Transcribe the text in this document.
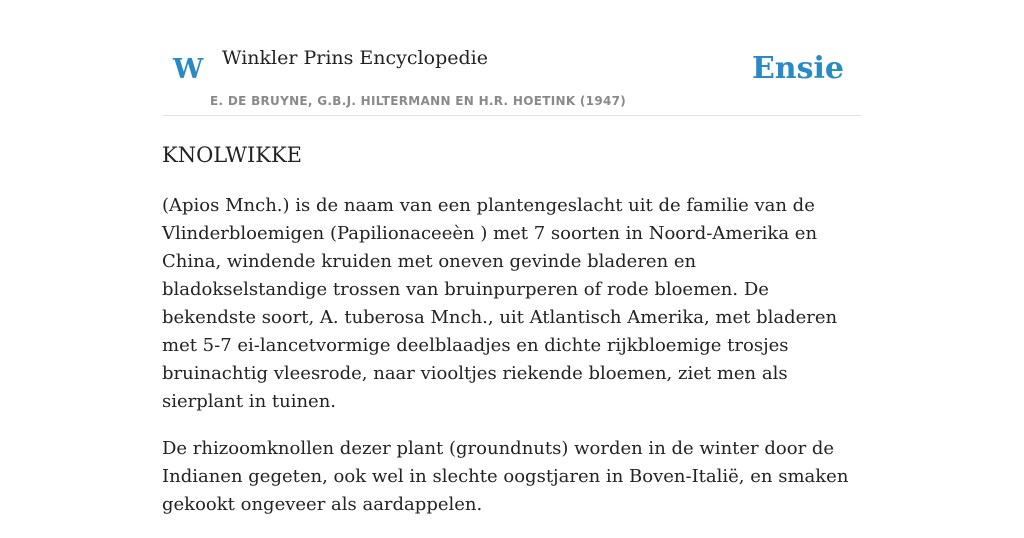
W Winkler Prins Encyclopedie
E. DE BRUYNE, G.B.J. HILTERMANN EN H.R. HOETINK (1947)
Ensie
KNOLWIKKE

(Apios Mnch.) is de naam van een plantengeslacht uit de familie van de Vlinderbloemigen (Papilionaceeèn ) met 7 soorten in Noord-Amerika en China, windende kruiden met oneven gevinde bladeren en bladokselstandige trossen van bruinpurperen of rode bloemen. De bekendste soort, A. tuberosa Mnch., uit Atlantisch Amerika, met bladeren met 5-7 ei-lancetvormige deelblaadjes en dichte rijkbloemige trosjes bruinachtig vleesrode, naar viooltjes riekende bloemen, ziet men als sierplant in tuinen.

De rhizoomknollen dezer plant (groundnuts) worden in de winter door de Indianen gegeten, ook wel in slechte oogstjaren in Boven-Italië, en smaken gekookt ongeveer als aardappelen.
